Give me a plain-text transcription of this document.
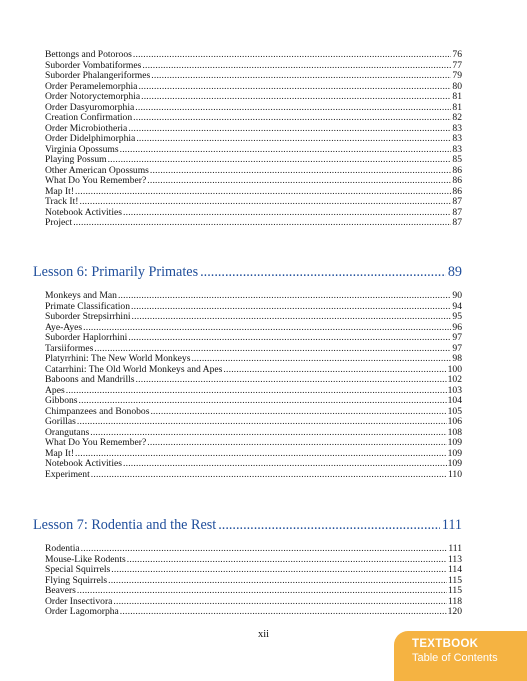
Bettongs and Potoroos .....	76
Suborder Vombatiformes .....	77
Suborder Phalangeriformes .....	79
Order Peramelemorphia .....	80
Order Notoryctemorphia .....	81
Order Dasyuromorphia .....	81
Creation Confirmation .....	82
Order Microbiotheria .....	83
Order Didelphimorphia .....	83
Virginia Opossums .....	83
Playing Possum .....	85
Other American Opossums .....	86
What Do You Remember? .....	86
Map It! .....	86
Track It! .....	87
Notebook Activities .....	87
Project .....	87
Lesson 6: Primarily Primates .....	89
Monkeys and Man .....	90
Primate Classification .....	94
Suborder Strepsirrhini .....	95
Aye-Ayes .....	96
Suborder Haplorrhini .....	97
Tarsiiformes .....	97
Platyrrhini: The New World Monkeys .....	98
Catarrhini: The Old World Monkeys and Apes .....	100
Baboons and Mandrills .....	102
Apes .....	103
Gibbons .....	104
Chimpanzees and Bonobos .....	105
Gorillas .....	106
Orangutans .....	108
What Do You Remember? .....	109
Map It! .....	109
Notebook Activities .....	109
Experiment .....	110
Lesson 7: Rodentia and the Rest .....	111
Rodentia .....	111
Mouse-Like Rodents .....	113
Special Squirrels .....	114
Flying Squirrels .....	115
Beavers .....	115
Order Insectivora .....	118
Order Lagomorpha .....	120
xii
TEXTBOOK
Table of Contents
